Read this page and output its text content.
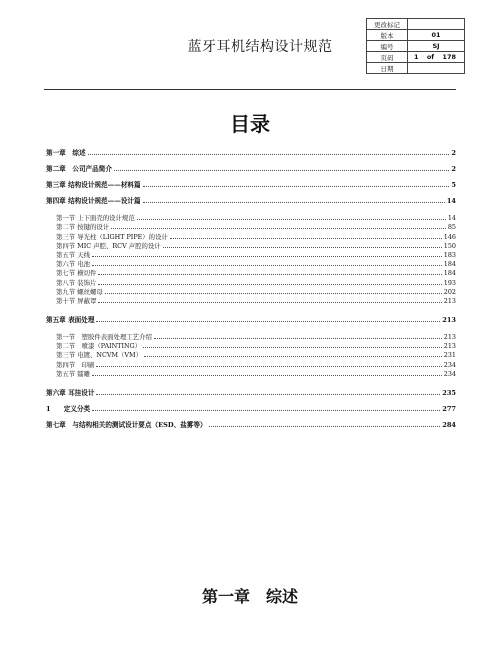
蓝牙耳机结构设计规范
更改标记	
版本	01
编号	SJ
页码	1 of 178

日期	
目录
第一章　综述	2
第二章　公司产品简介	2
第三章 结构设计规范——材料篇	5
第四章 结构设计规范——设计篇	14
第一节 上下面壳的设计规范	14
第二节 按键的设计	85
第三节 导光柱（LIGHT PIPE）的设计	146
第四节 MIC 声腔、RCV 声腔的设计	150
第五节 天线	183
第六节 电池	184
第七节 横切件	184
第八节 装饰片	193
第九节 螺丝螺母	202
第十节 屏蔽罩	213
第五章 表面处理	213
第一节　塑胶件表面处理工艺介绍	213
第二节　喷漆（PAINTING）	213
第三节 电镀、NCVM（VM）	231
第四节　印刷	234
第五节 镭雕	234
第六章 耳挂设计	235
1　　定义分类	277
第七章　与结构相关的测试设计要点（ESD、盐雾等）	284
第一章　综述
